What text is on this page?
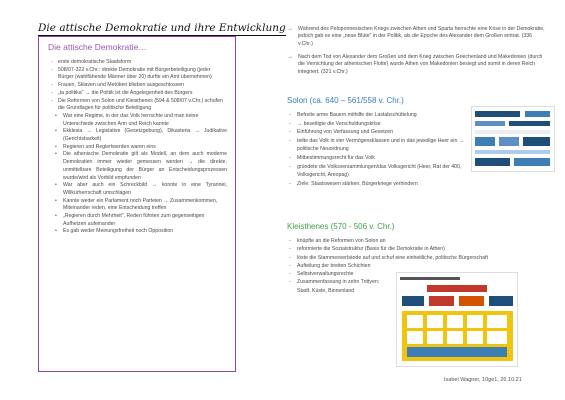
Die attische Demokratie und ihre Entwicklung
Die attische Demokratie…
- erste demokratische Staatsform
- 508/07-322 v.Chr.: direkte Demokratie mit Bürgerbeteiligung (jeder Bürger (wahlfähende Männer über 20) durfte ein Amt übernehmen)
- Frauen, Sklaven und Metöken blieben ausgeschlossen
- „ta politika" → die Politik ist die Angelegenheit des Bürgers
- Die Reformen von Solon und Kleisthenes (594 & 508/07 v.Chr.) schufen die Grundlagen für politische Beteiligung
• War eine Regime, in der das Volk herrschte und man keine Unterschiede zwischen Arm und Reich kannte
• Ekklesia → Legislative (Gesetzgebung), Dikasteria → Judikative (Gerichtsbarkeit)
• Regieren und Regiertwerden waren eins
• Die athenische Demokratie gilt als Modell, an dem auch moderne Demokratien immer wieder gemessen werden → die direkte, unmittelbare Beteiligung der Bürger an Entscheidungsprozessen wurde/wird als Vorbild empfunden
• War aber auch ein Schreckbild → konnte in eine Tyrannei, Willkürherrschaft umschlagen
• Kannte weder ein Parlament noch Parteien → Zusammenkommen, Miteinander reden, eine Entscheidung treffen
• „Regieren durch Mehrheit", Reden führten zum gegenseitigen Aufhetzen aufeinander
• Es gab weder Meinungsfreiheit noch Opposition
→ Während des Peloponnesischen Kriegs zwischen Athen und Sparta herrschte eine Krise in der Demokratie, jedoch gab es eine „neue Blüte" in der Politik, als die Epoche des Alexander dem Großen eintrat. (336 v.Chr.)
→ Nach dem Tod von Alexander dem Großen und dem Krieg zwischen Griechenland und Makedonien (durch die Vernichtung der athenischen Flotte) wurde Athen von Makedonien besiegt und somit in deren Reich integriert. (321 v.Chr.)
Solon (ca. 640 – 561/558 v. Chr.)
- Befreite arme Bauern mithilfe der Lastabschüttelung
- → beseitigte die Verschuldungskrise
- Einführung von Verfassung und Gesetzen
- teilte das Volk in vier Vermögensklassen und in das jeweilige Heer ein → politische Neuordnung
- Mitbestimmungsrecht für das Volk
- gründete die Volksversammlungen/das Volksgericht (Heer, Rat der 400, Volksgericht, Areopag)
- Ziele: Staatswesen stärken, Bürgerkriege verhindern
Kleisthenes (570 - 506 v. Chr.)
- knüpfte an die Reformen von Solon an
- reformierte die Sozialstruktur (Basis für die Demokratie in Athen)
- löste die Stammesverbände auf und schuf eine einheitliche, politische Bürgerschaft
- Aufteilung der breiten Schichten
- Selbstverwaltungsrechte
- Zusammenfassung in zehn Trittyen: Stadt, Küste, Binnenland
Isabel Wagner, 10ge1, 26.10.21
